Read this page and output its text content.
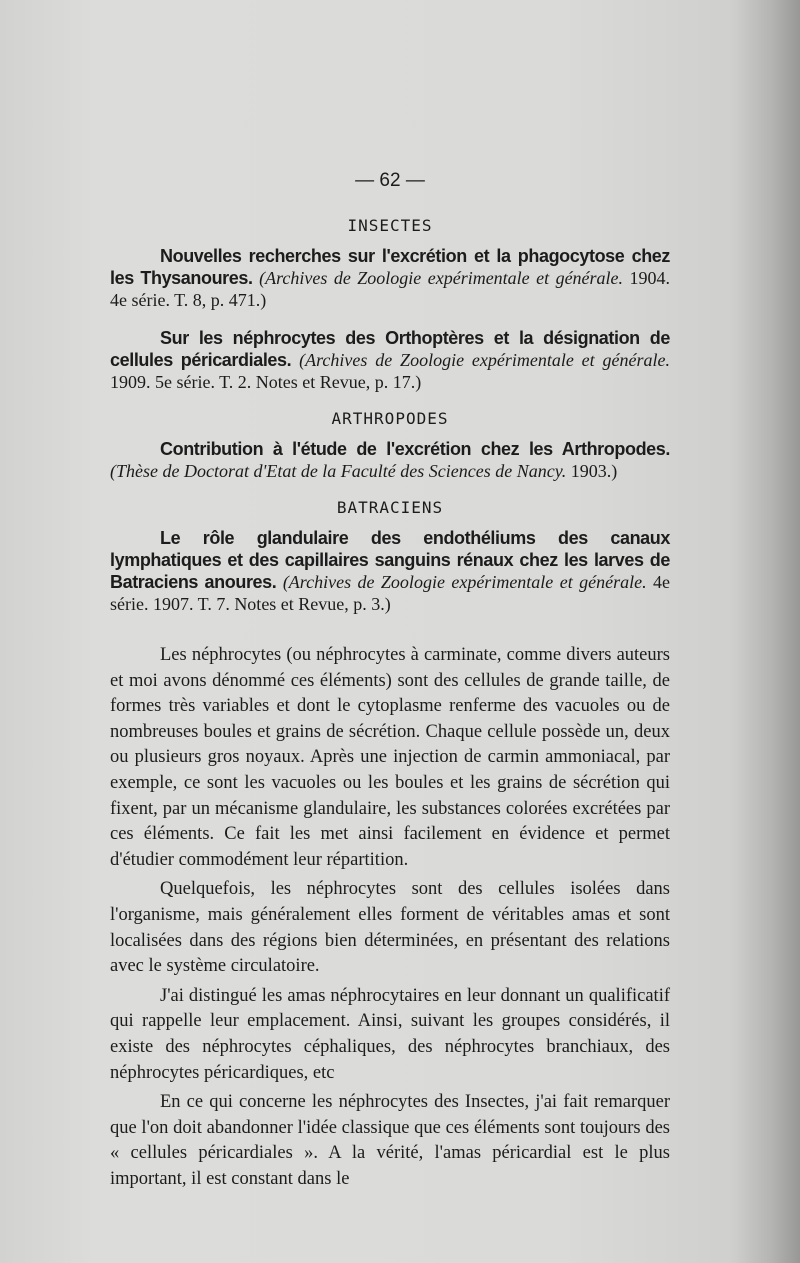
— 62 —
INSECTES

Nouvelles recherches sur l'excrétion et la phagocytose chez les Thysanoures. (Archives de Zoologie expérimentale et générale. 1904. 4e série. T. 8, p. 471.)

Sur les néphrocytes des Orthoptères et la désignation de cellules péricardiales. (Archives de Zoologie expérimentale et générale. 1909. 5e série. T. 2. Notes et Revue, p. 17.)

ARTHROPODES

Contribution à l'étude de l'excrétion chez les Arthropodes. (Thèse de Doctorat d'Etat de la Faculté des Sciences de Nancy. 1903.)

BATRACIENS

Le rôle glandulaire des endothéliums des canaux lymphatiques et des capillaires sanguins rénaux chez les larves de Batraciens anoures. (Archives de Zoologie expérimentale et générale. 4e série. 1907. T. 7. Notes et Revue, p. 3.)

Les néphrocytes (ou néphrocytes à carminate, comme divers auteurs et moi avons dénommé ces éléments) sont des cellules de grande taille, de formes très variables et dont le cytoplasme renferme des vacuoles ou de nombreuses boules et grains de sécrétion. Chaque cellule possède un, deux ou plusieurs gros noyaux. Après une injection de carmin ammoniacal, par exemple, ce sont les vacuoles ou les boules et les grains de sécrétion qui fixent, par un mécanisme glandulaire, les substances colorées excrétées par ces éléments. Ce fait les met ainsi facilement en évidence et permet d'étudier commodément leur répartition.

Quelquefois, les néphrocytes sont des cellules isolées dans l'organisme, mais généralement elles forment de véritables amas et sont localisées dans des régions bien déterminées, en présentant des relations avec le système circulatoire.

J'ai distingué les amas néphrocytaires en leur donnant un qualificatif qui rappelle leur emplacement. Ainsi, suivant les groupes considérés, il existe des néphrocytes céphaliques, des néphrocytes branchiaux, des néphrocytes péricardiques, etc

En ce qui concerne les néphrocytes des Insectes, j'ai fait remarquer que l'on doit abandonner l'idée classique que ces éléments sont toujours des « cellules péricardiales ». A la vérité, l'amas péricardial est le plus important, il est constant dans le
